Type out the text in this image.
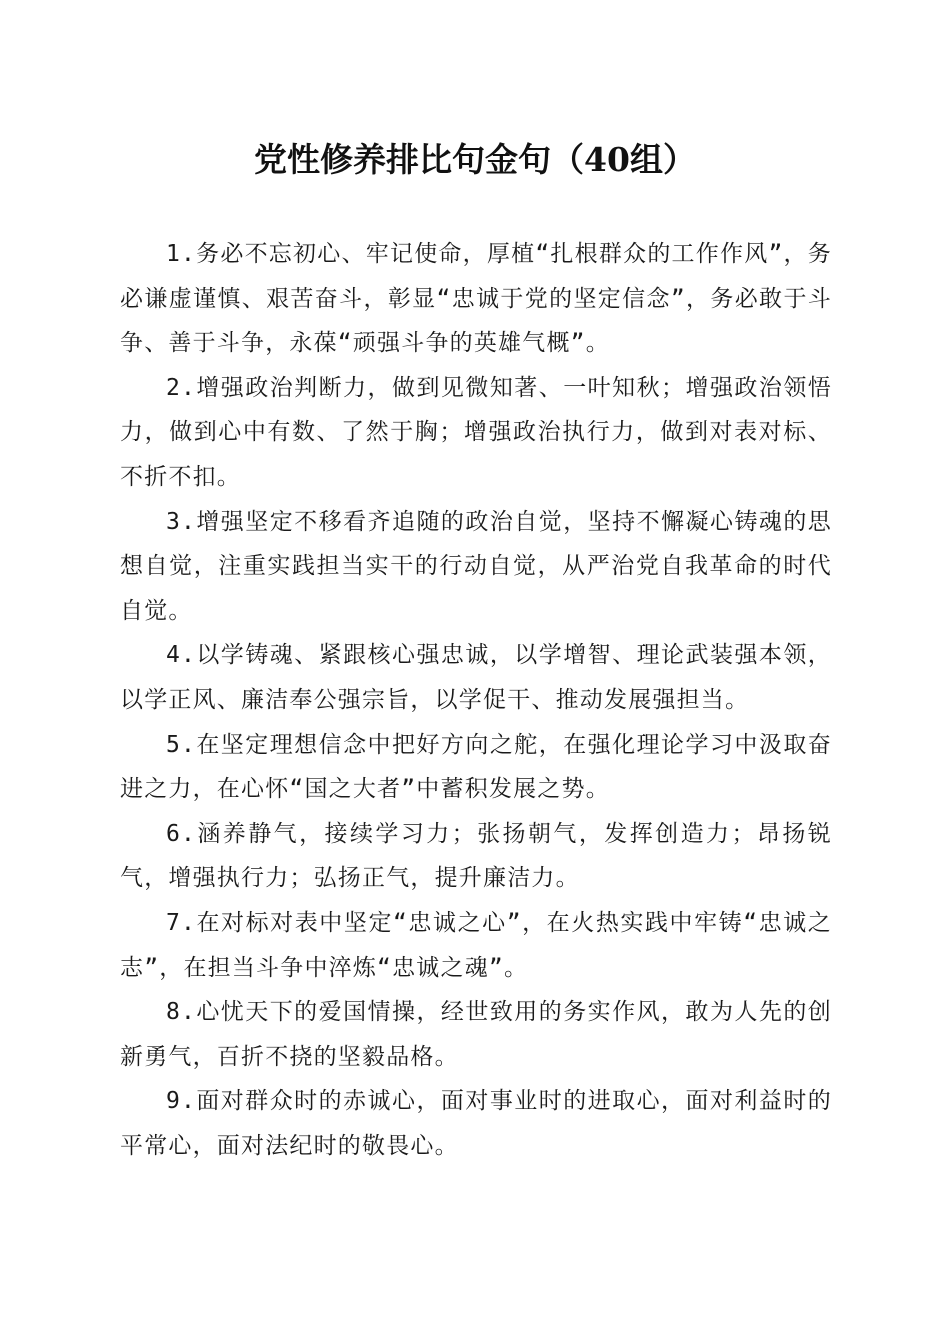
党性修养排比句金句（40组）

1.务必不忘初心、牢记使命，厚植“扎根群众的工作作风”，务必谦虚谨慎、艰苦奋斗，彰显“忠诚于党的坚定信念”，务必敢于斗争、善于斗争，永葆“顽强斗争的英雄气概”。

2.增强政治判断力，做到见微知著、一叶知秋；增强政治领悟力，做到心中有数、了然于胸；增强政治执行力，做到对表对标、不折不扣。

3.增强坚定不移看齐追随的政治自觉，坚持不懈凝心铸魂的思想自觉，注重实践担当实干的行动自觉，从严治党自我革命的时代自觉。

4.以学铸魂、紧跟核心强忠诚，以学增智、理论武装强本领，以学正风、廉洁奉公强宗旨，以学促干、推动发展强担当。

5.在坚定理想信念中把好方向之舵，在强化理论学习中汲取奋进之力，在心怀“国之大者”中蓄积发展之势。

6.涵养静气，接续学习力；张扬朝气，发挥创造力；昂扬锐气，增强执行力；弘扬正气，提升廉洁力。

7.在对标对表中坚定“忠诚之心”，在火热实践中牢铸“忠诚之志”，在担当斗争中淬炼“忠诚之魂”。

8.心忧天下的爱国情操，经世致用的务实作风，敢为人先的创新勇气，百折不挠的坚毅品格。

9.面对群众时的赤诚心，面对事业时的进取心，面对利益时的平常心，面对法纪时的敬畏心。
